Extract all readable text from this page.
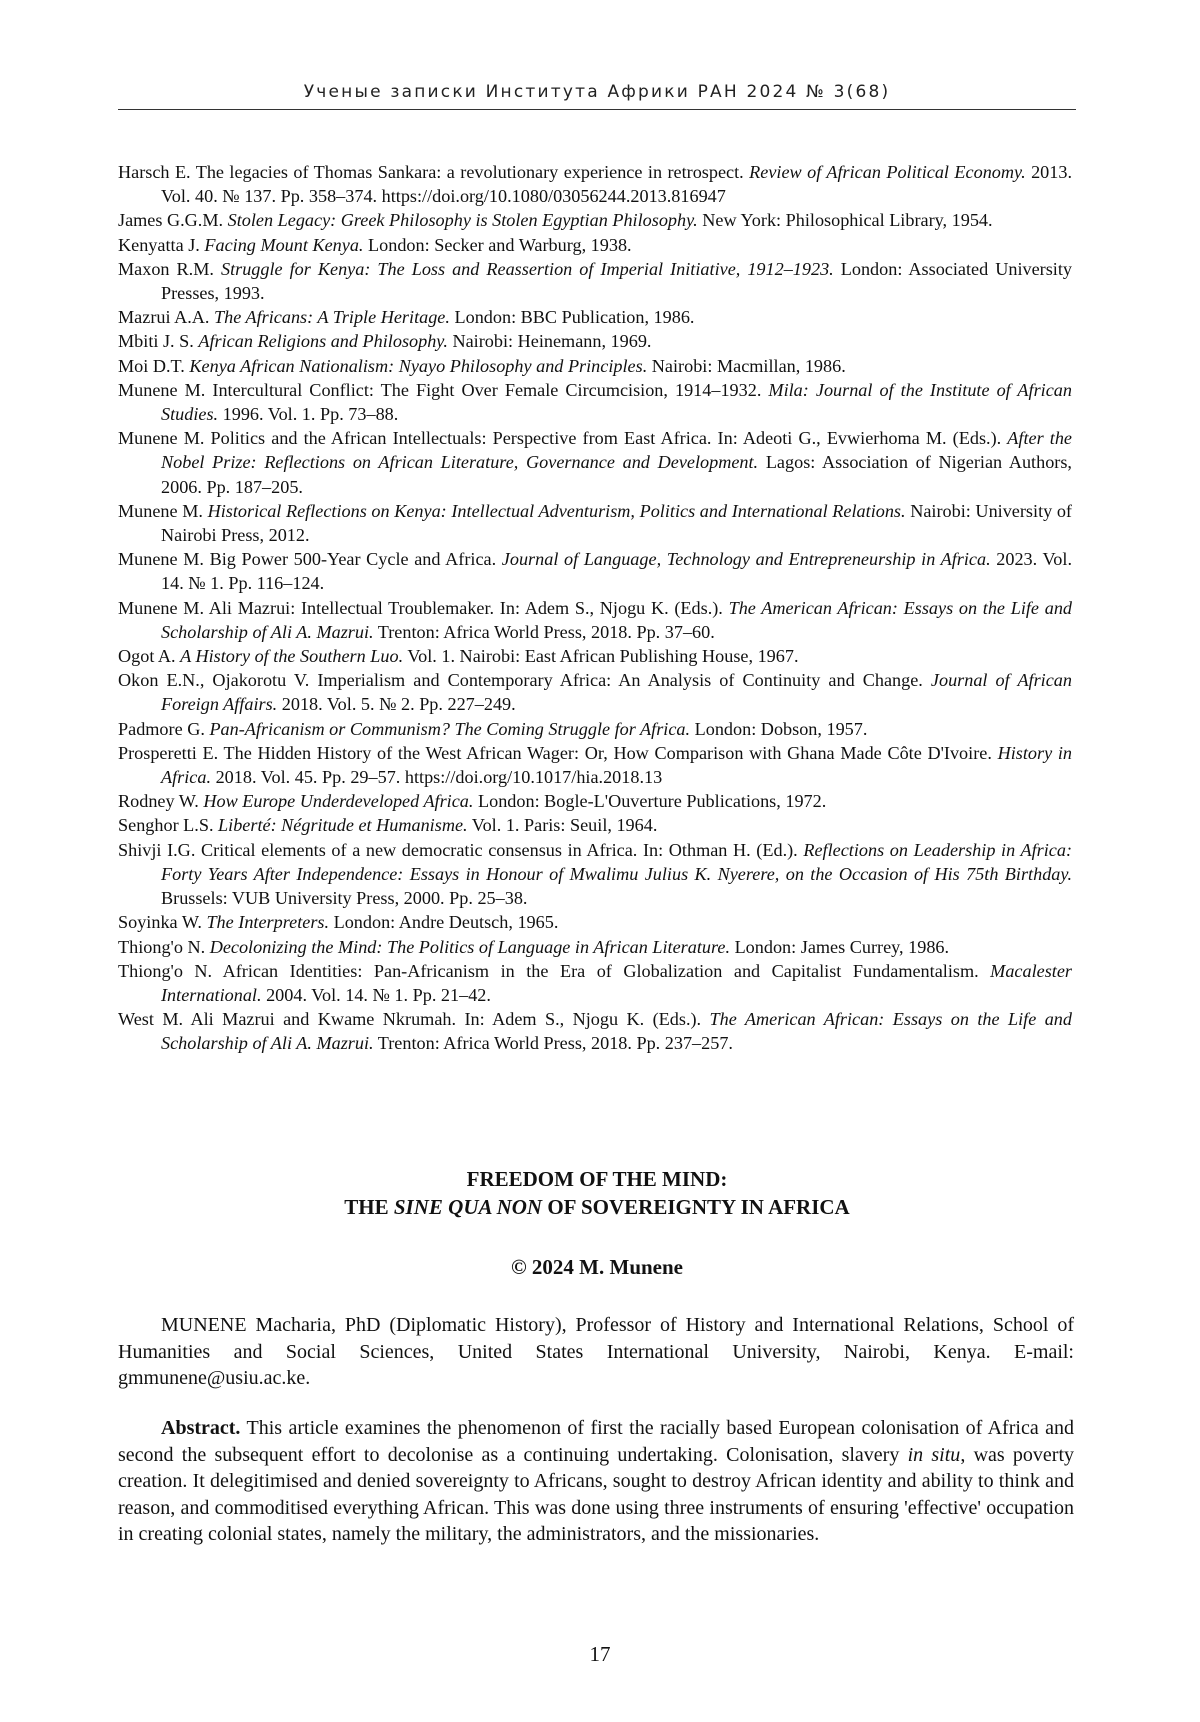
Ученые записки Института Африки РАН 2024 № 3(68)
Harsch E. The legacies of Thomas Sankara: a revolutionary experience in retrospect. Review of African Political Economy. 2013. Vol. 40. № 137. Pp. 358–374. https://doi.org/10.1080/03056244.2013.816947
James G.G.M. Stolen Legacy: Greek Philosophy is Stolen Egyptian Philosophy. New York: Philosophical Library, 1954.
Kenyatta J. Facing Mount Kenya. London: Secker and Warburg, 1938.
Maxon R.M. Struggle for Kenya: The Loss and Reassertion of Imperial Initiative, 1912–1923. London: Associated University Presses, 1993.
Mazrui A.A. The Africans: A Triple Heritage. London: BBC Publication, 1986.
Mbiti J. S. African Religions and Philosophy. Nairobi: Heinemann, 1969.
Moi D.T. Kenya African Nationalism: Nyayo Philosophy and Principles. Nairobi: Macmillan, 1986.
Munene M. Intercultural Conflict: The Fight Over Female Circumcision, 1914–1932. Mila: Journal of the Institute of African Studies. 1996. Vol. 1. Pp. 73–88.
Munene M. Politics and the African Intellectuals: Perspective from East Africa. In: Adeoti G., Evwierhoma M. (Eds.). After the Nobel Prize: Reflections on African Literature, Governance and Development. Lagos: Association of Nigerian Authors, 2006. Pp. 187–205.
Munene M. Historical Reflections on Kenya: Intellectual Adventurism, Politics and International Relations. Nairobi: University of Nairobi Press, 2012.
Munene M. Big Power 500-Year Cycle and Africa. Journal of Language, Technology and Entrepreneurship in Africa. 2023. Vol. 14. № 1. Pp. 116–124.
Munene M. Ali Mazrui: Intellectual Troublemaker. In: Adem S., Njogu K. (Eds.). The American African: Essays on the Life and Scholarship of Ali A. Mazrui. Trenton: Africa World Press, 2018. Pp. 37–60.
Ogot A. A History of the Southern Luo. Vol. 1. Nairobi: East African Publishing House, 1967.
Okon E.N., Ojakorotu V. Imperialism and Contemporary Africa: An Analysis of Continuity and Change. Journal of African Foreign Affairs. 2018. Vol. 5. № 2. Pp. 227–249.
Padmore G. Pan-Africanism or Communism? The Coming Struggle for Africa. London: Dobson, 1957.
Prosperetti E. The Hidden History of the West African Wager: Or, How Comparison with Ghana Made Côte D'Ivoire. History in Africa. 2018. Vol. 45. Pp. 29–57. https://doi.org/10.1017/hia.2018.13
Rodney W. How Europe Underdeveloped Africa. London: Bogle-L'Ouverture Publications, 1972.
Senghor L.S. Liberté: Négritude et Humanisme. Vol. 1. Paris: Seuil, 1964.
Shivji I.G. Critical elements of a new democratic consensus in Africa. In: Othman H. (Ed.). Reflections on Leadership in Africa: Forty Years After Independence: Essays in Honour of Mwalimu Julius K. Nyerere, on the Occasion of His 75th Birthday. Brussels: VUB University Press, 2000. Pp. 25–38.
Soyinka W. The Interpreters. London: Andre Deutsch, 1965.
Thiong'o N. Decolonizing the Mind: The Politics of Language in African Literature. London: James Currey, 1986.
Thiong'o N. African Identities: Pan-Africanism in the Era of Globalization and Capitalist Fundamentalism. Macalester International. 2004. Vol. 14. № 1. Pp. 21–42.
West M. Ali Mazrui and Kwame Nkrumah. In: Adem S., Njogu K. (Eds.). The American African: Essays on the Life and Scholarship of Ali A. Mazrui. Trenton: Africa World Press, 2018. Pp. 237–257.
FREEDOM OF THE MIND:
THE SINE QUA NON OF SOVEREIGNTY IN AFRICA
© 2024 M. Munene

MUNENE Macharia, PhD (Diplomatic History), Professor of History and International Relations, School of Humanities and Social Sciences, United States International University, Nairobi, Kenya. E-mail: gmmunene@usiu.ac.ke.

Abstract. This article examines the phenomenon of first the racially based European colonisation of Africa and second the subsequent effort to decolonise as a continuing undertaking. Colonisation, slavery in situ, was poverty creation. It delegitimised and denied sovereignty to Africans, sought to destroy African identity and ability to think and reason, and commoditised everything African. This was done using three instruments of ensuring 'effective' occupation in creating colonial states, namely the military, the administrators, and the missionaries.

17
